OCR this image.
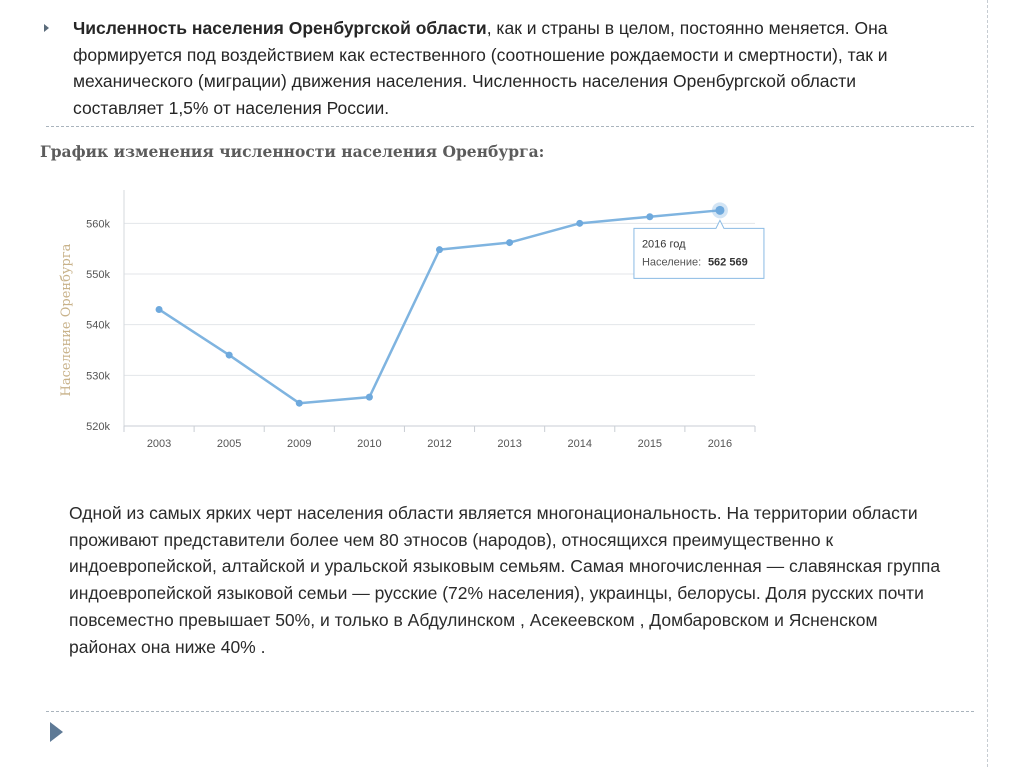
Численность населения Оренбургской области, как и страны в целом, постоянно меняется. Она формируется под воздействием как естественного (соотношение рождаемости и смертности), так и механического (миграции) движения населения. Численность населения Оренбургской области составляет 1,5% от населения России.

График изменения численности населения Оренбурга:

520k
530k
540k
550k
560k
2003	2005	2009	2010	2012	2013	2014	2015	2016
Население Оренбурга	2016 год
Население: 562 569

Одной из самых ярких черт населения области является многонациональность. На территории области проживают представители более чем 80 этносов (народов), относящихся преимущественно к индоевропейской, алтайской и уральской языковым семьям. Самая многочисленная — славянская группа индоевропейской языковой семьи — русские (72% населения), украинцы, белорусы. Доля русских почти повсеместно превышает 50%, и только в Абдулинском , Асекеевском , Домбаровском и Ясненском районах она ниже 40% .
